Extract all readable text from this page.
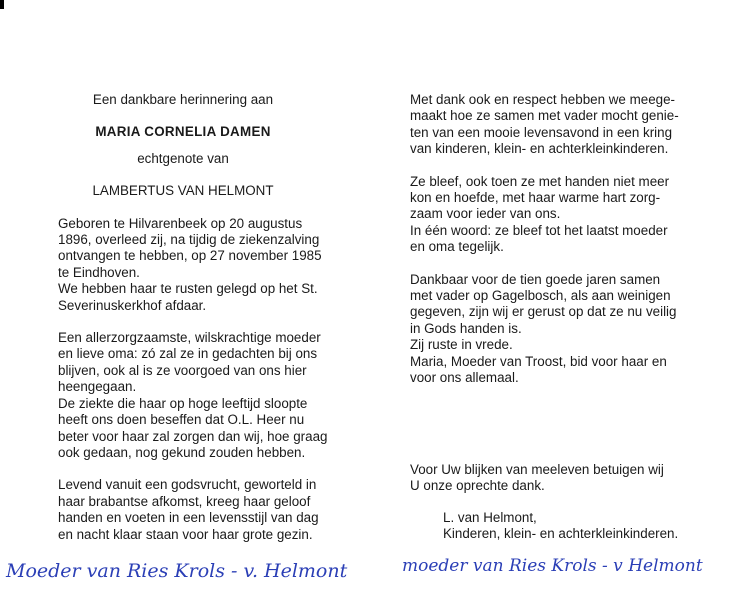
Een dankbare herinnering aan
MARIA CORNELIA DAMEN
echtgenote van
LAMBERTUS VAN HELMONT
Geboren te Hilvarenbeek op 20 augustus
1896, overleed zij, na tijdig de ziekenzalving
ontvangen te hebben, op 27 november 1985
te Eindhoven.
We hebben haar te rusten gelegd op het St.
Severinuskerkhof afdaar.
Een allerzorgzaamste, wilskrachtige moeder
en lieve oma: zó zal ze in gedachten bij ons
blijven, ook al is ze voorgoed van ons hier
heengegaan.
De ziekte die haar op hoge leeftijd sloopte
heeft ons doen beseffen dat O.L. Heer nu
beter voor haar zal zorgen dan wij, hoe graag
ook gedaan, nog gekund zouden hebben.
Levend vanuit een godsvrucht, geworteld in
haar brabantse afkomst, kreeg haar geloof
handen en voeten in een levensstijl van dag
en nacht klaar staan voor haar grote gezin.
Met dank ook en respect hebben we meege-
maakt hoe ze samen met vader mocht genie-
ten van een mooie levensavond in een kring
van kinderen, klein- en achterkleinkinderen.
Ze bleef, ook toen ze met handen niet meer
kon en hoefde, met haar warme hart zorg-
zaam voor ieder van ons.
In één woord: ze bleef tot het laatst moeder
en oma tegelijk.
Dankbaar voor de tien goede jaren samen
met vader op Gagelbosch, als aan weinigen
gegeven, zijn wij er gerust op dat ze nu veilig
in Gods handen is.
Zij ruste in vrede.
Maria, Moeder van Troost, bid voor haar en
voor ons allemaal.
Voor Uw blijken van meeleven betuigen wij
U onze oprechte dank.
L. van Helmont,
Kinderen, klein- en achterkleinkinderen.
Moeder van Ries Krols - v. Helmont	moeder van Ries Krols - v Helmont
